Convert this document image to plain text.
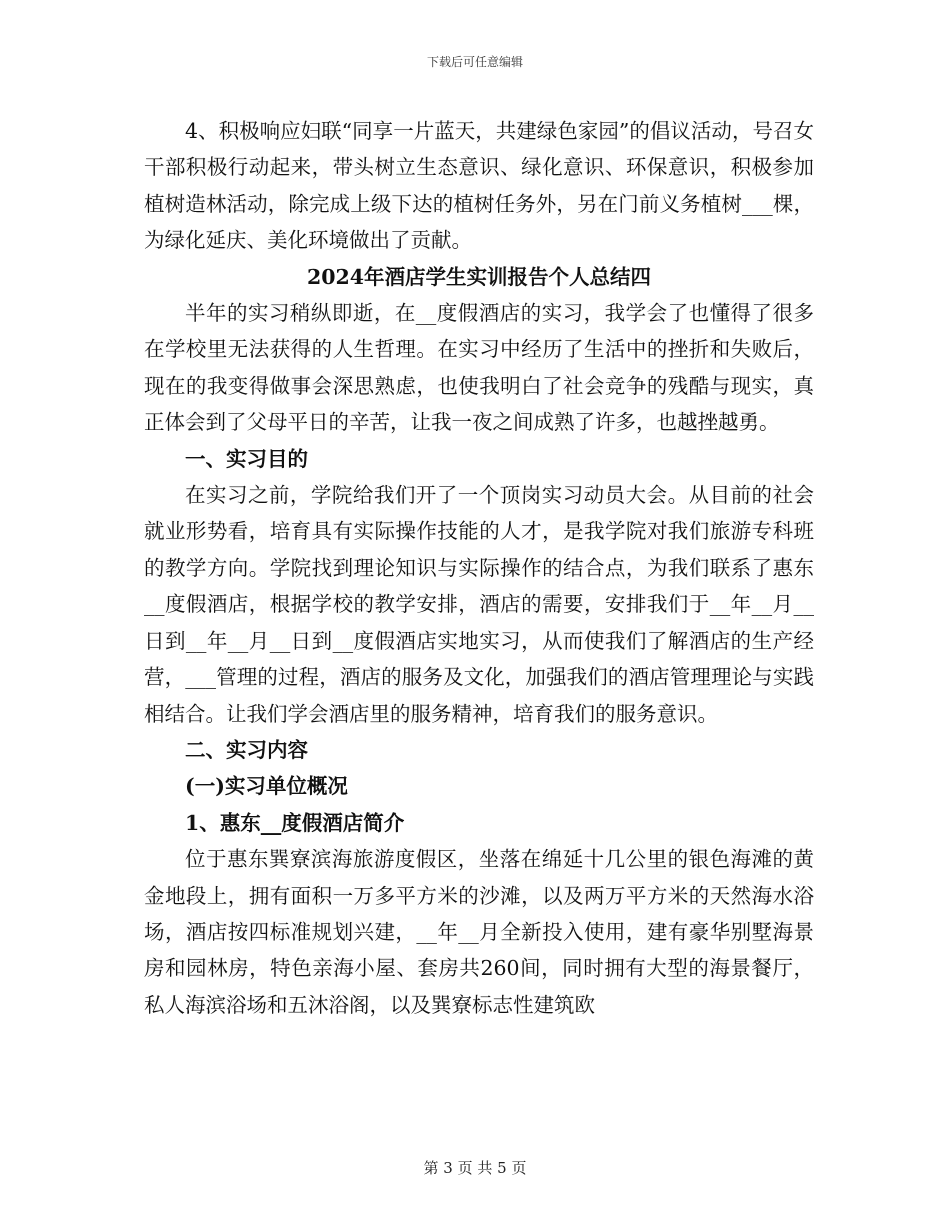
下载后可任意编辑

4、积极响应妇联“同享一片蓝天，共建绿色家园”的倡议活动，号召女干部积极行动起来，带头树立生态意识、绿化意识、环保意识，积极参加植树造林活动，除完成上级下达的植树任务外，另在门前义务植树___棵，为绿化延庆、美化环境做出了贡献。

2024年酒店学生实训报告个人总结四

半年的实习稍纵即逝，在__度假酒店的实习，我学会了也懂得了很多在学校里无法获得的人生哲理。在实习中经历了生活中的挫折和失败后，现在的我变得做事会深思熟虑，也使我明白了社会竞争的残酷与现实，真正体会到了父母平日的辛苦，让我一夜之间成熟了许多，也越挫越勇。

一、实习目的

在实习之前，学院给我们开了一个顶岗实习动员大会。从目前的社会就业形势看，培育具有实际操作技能的人才，是我学院对我们旅游专科班的教学方向。学院找到理论知识与实际操作的结合点，为我们联系了惠东__度假酒店，根据学校的教学安排，酒店的需要，安排我们于__年__月__日到__年__月__日到__度假酒店实地实习，从而使我们了解酒店的生产经营，___管理的过程，酒店的服务及文化，加强我们的酒店管理理论与实践相结合。让我们学会酒店里的服务精神，培育我们的服务意识。

二、实习内容

(一)实习单位概况

1、惠东__度假酒店简介

位于惠东巽寮滨海旅游度假区，坐落在绵延十几公里的银色海滩的黄金地段上，拥有面积一万多平方米的沙滩，以及两万平方米的天然海水浴场，酒店按四标准规划兴建，__年__月全新投入使用，建有豪华别墅海景房和园林房，特色亲海小屋、套房共260间，同时拥有大型的海景餐厅，私人海滨浴场和五沐浴阁，以及巽寮标志性建筑欧

第 3 页 共 5 页
